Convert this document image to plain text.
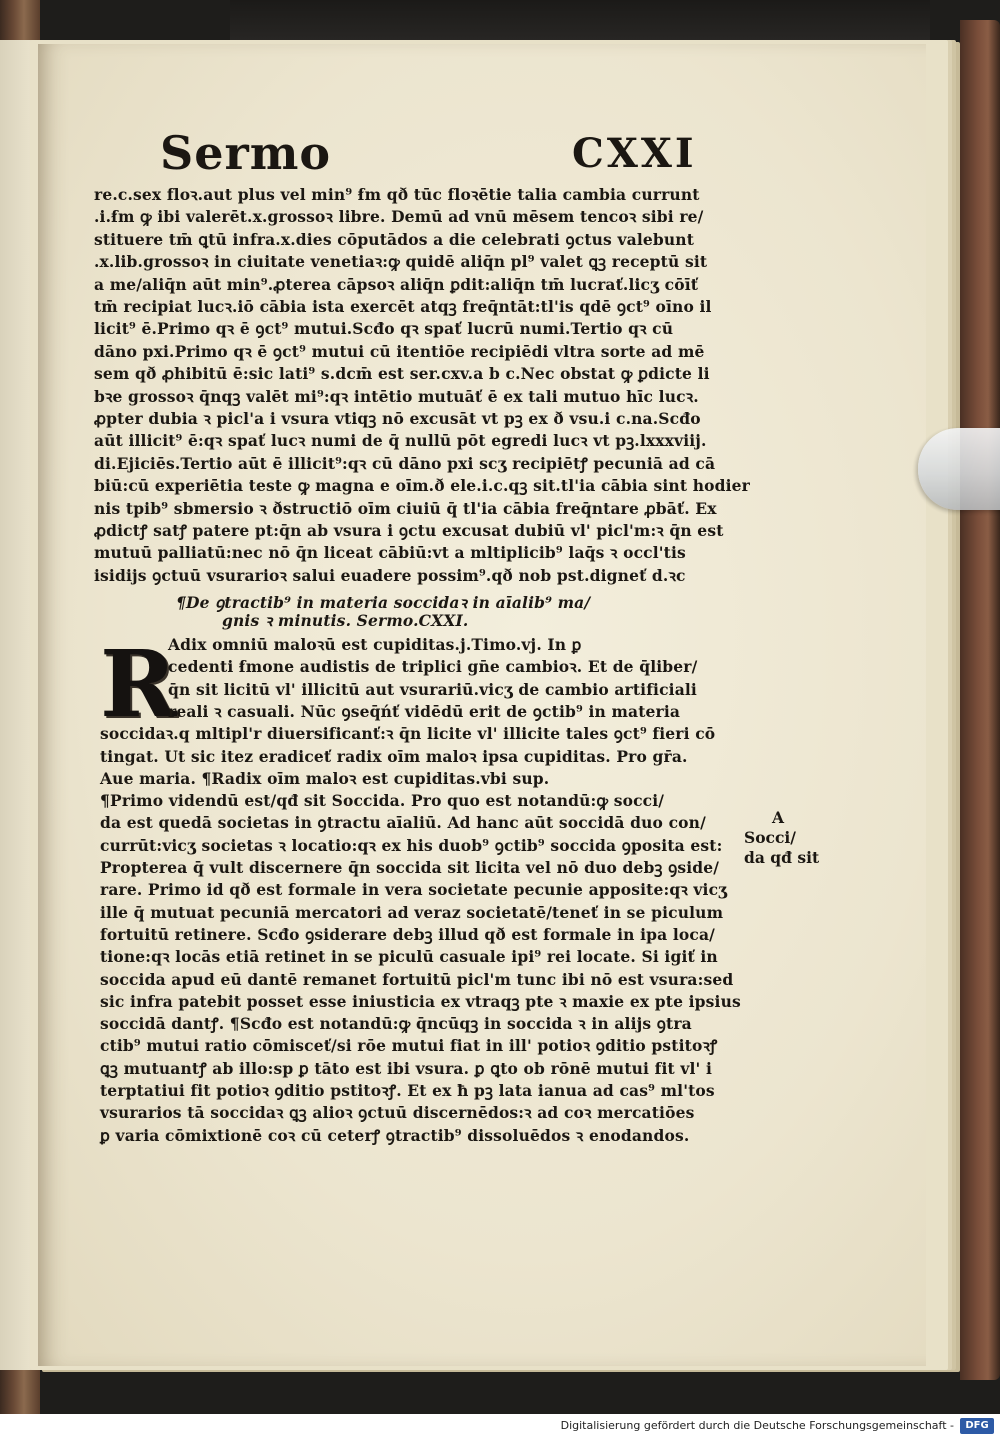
Sermo	CXXI
re.c.sex floꝛ.aut plus vel min⁹ ẜm qð tūc floꝛētie talia cambia currunt
.i.ẜm ꝙ ibi valerēt.x.grossoꝛ libre. Demū ad vnū mēsem tencoꝛ sibi re/
stituere tm̄ ꝗtū infra.x.dies cōputādos a die celebrati ꝯctus valebunt
.x.lib.grossoꝛ in ciuitate venetiaꝛ:ꝙ quidē aliq̄n pl⁹ valet ꝗꝫ receptū sit
a me/aliq̄n aūt min⁹.ꝓterea cāpsoꝛ aliq̄n ꝑdit:aliq̄n tm̄ lucrať.licʒ cōīť
tm̄ recipiat lucꝛ.iō cābia ista exercēt atqꝫ freq̄ntāt:tl'is qdē ꝯct⁹ oīno il
licit⁹ ē.Primo qꝛ ē ꝯct⁹ mutui.Scđo qꝛ spať lucrū numi.Tertio qꝛ cū
dāno pxi.Primo qꝛ ē ꝯct⁹ mutui cū itentiōe recipiēdi vltra sorte ad mē
sem qð ꝓhibitū ē:sic lati⁹ s.dcm̄ est ser.cxv.a b c.Nec obstat ꝙ ꝑdicte li
bꝛe grossoꝛ q̄nqꝫ valēt mi⁹:qꝛ intētio mutuāť ē ex tali mutuo hīc lucꝛ.
ꝓpter dubia ꝛ picl'a i vsura vtiqꝫ nō excusāt vt pꝫ ex ð vsu.i c.na.Scđo
aūt illicit⁹ ē:qꝛ spať lucꝛ numi de q̄ nullū pōt egredi lucꝛ vt pꝫ.lxxxviij.
di.Ejiciēs.Tertio aūt ē illicit⁹:qꝛ cū dāno pxi scʒ recipiētꝭ pecuniā ad cā
biū:cū experiētia teste ꝙ magna e oīm.ð ele.i.c.qꝫ sit.tl'ia cābia sint hodier
nis tpib⁹ sbmersio ꝛ ðstructiō oīm ciuiū q̄ tl'ia cābia freq̄ntare ꝓbāť. Ex
ꝓdictꝭ satꝭ patere pt:q̄n ab vsura i ꝯctu excusat dubiū vl' picl'm:ꝛ q̄n est
mutuū palliatū:nec nō q̄n liceat cābiū:vt a mltiplicib⁹ laq̄s ꝛ occl'tis
isidijs ꝯctuū vsurarioꝛ salui euadere possim⁹.qð nob pst.digneť d.ꝛc
¶De ꝯtractib⁹ in materia soccidaꝛ in aīalib⁹ ma/
gnis ꝛ minutis. Sermo.CXXI.
R
Adix omniū maloꝛū est cupiditas.j.Timo.vj. In ꝑ
cedenti ẜmone audistis de triplici gn̄e cambioꝛ. Et de q̄liber/
q̄n sit licitū vl' illicitū aut vsurariū.vicʒ de cambio artificiali
reali ꝛ casuali. Nūc ꝯseq̄ńť vidēdū erit de ꝯctib⁹ in materia
soccidaꝛ.q mltipl'r diuersificanť:ꝛ q̄n licite vl' illicite tales ꝯct⁹ fieri cō
tingat. Ut sic itez eradiceť radix oīm maloꝛ ipsa cupiditas. Pro gr̄a.
Aue maria. ¶Radix oīm maloꝛ est cupiditas.vbi sup.
¶Primo videndū est/qđ sit Soccida. Pro quo est notandū:ꝙ socci/
da est quedā societas in ꝯtractu aīaliū. Ad hanc aūt soccidā duo con/
currūt:vicʒ societas ꝛ locatio:qꝛ ex his duob⁹ ꝯctib⁹ soccida ꝯposita est:
Propterea q̄ vult discernere q̄n soccida sit licita vel nō duo debꝫ ꝯside/
rare. Primo id qð est formale in vera societate pecunie apposite:qꝛ vicʒ
ille q̄ mutuat pecuniā mercatori ad veraz societatē/teneť in se piculum
fortuitū retinere. Scđo ꝯsiderare debꝫ illud qð est formale in ipa loca/
tione:qꝛ locās etiā retinet in se piculū casuale ipi⁹ rei locate. Si igiť in
soccida apud eū dantē remanet fortuitū picl'm tunc ibi nō est vsura:sed
sic infra patebit posset esse iniusticia ex vtraqꝫ pte ꝛ maxie ex pte ipsius
soccidā dantꝭ. ¶Scđo est notandū:ꝙ q̄ncūqꝫ in soccida ꝛ in alijs ꝯtra
ctib⁹ mutui ratio cōmisceť/si rōe mutui fiat in ill' potioꝛ ꝯditio pstitoꝛꝭ
ꝗꝫ mutuantꝭ ab illo:sp ꝑ tāto est ibi vsura. ꝑ ꝗto ob rōnē mutui fit vl' i
terptatiui fit potioꝛ ꝯditio pstitoꝛꝭ. Et ex ħ pꝫ lata ianua ad cas⁹ ml'tos
vsurarios tā soccidaꝛ ꝗꝫ alioꝛ ꝯctuū discernēdos:ꝛ ad coꝛ mercatiōes
ꝑ varia cōmixtionē coꝛ cū ceterꝭ ꝯtractib⁹ dissoluēdos ꝛ enodandos.
A
Socci/
da qđ sit
Digitalisierung gefördert durch die Deutsche Forschungsgemeinschaft -	DFG
